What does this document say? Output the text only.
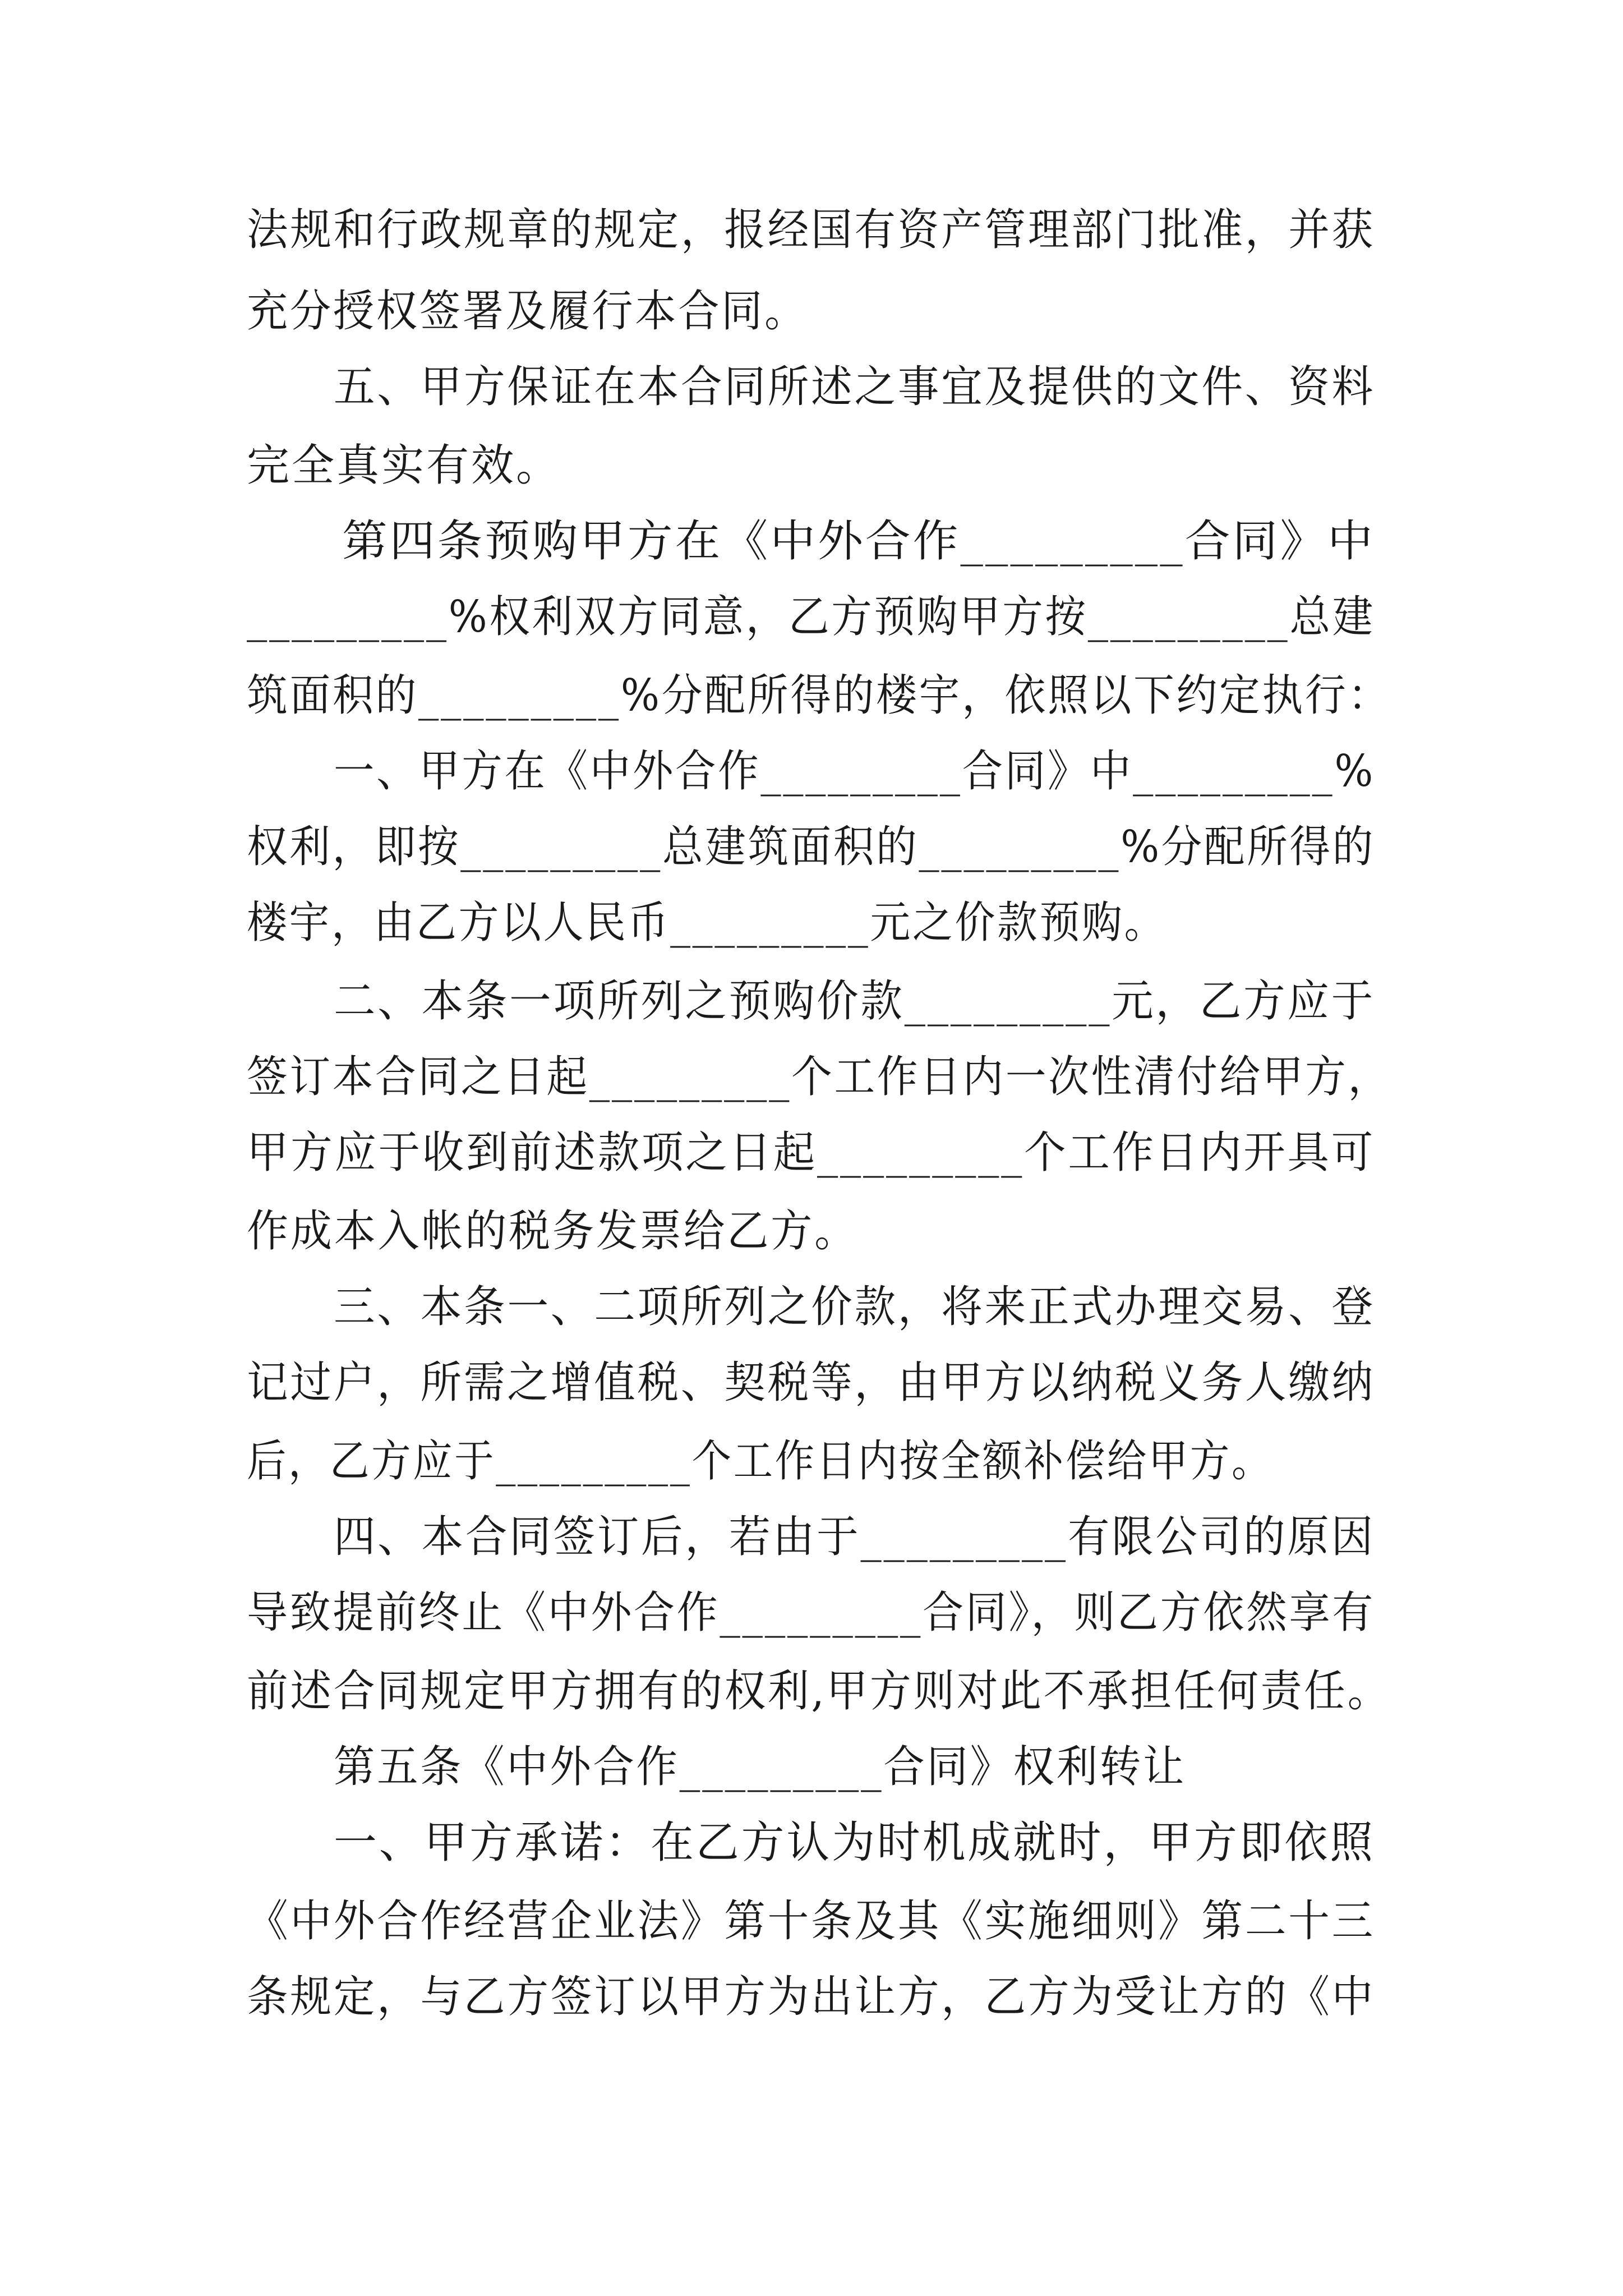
法规和行政规章的规定，报经国有资产管理部门批准，并获
充分授权签署及履行本合同。
五、甲方保证在本合同所述之事宜及提供的文件、资料
完全真实有效。
第四条预购甲方在《中外合作_________合同》中
_________%权利双方同意，乙方预购甲方按_________总建
筑面积的_________%分配所得的楼宇，依照以下约定执行：
一、甲方在《中外合作_________合同》中_________%
权利，即按_________总建筑面积的_________%分配所得的
楼宇，由乙方以人民币_________元之价款预购。
二、本条一项所列之预购价款_________元，乙方应于
签订本合同之日起_________个工作日内一次性清付给甲方，
甲方应于收到前述款项之日起_________个工作日内开具可
作成本入帐的税务发票给乙方。
三、本条一、二项所列之价款，将来正式办理交易、登
记过户，所需之增值税、契税等，由甲方以纳税义务人缴纳
后，乙方应于_________个工作日内按全额补偿给甲方。
四、本合同签订后，若由于_________有限公司的原因
导致提前终止《中外合作_________合同》，则乙方依然享有
前述合同规定甲方拥有的权利,甲方则对此不承担任何责任。
第五条《中外合作_________合同》权利转让
一、甲方承诺：在乙方认为时机成就时，甲方即依照
《中外合作经营企业法》第十条及其《实施细则》第二十三
条规定，与乙方签订以甲方为出让方，乙方为受让方的《中
